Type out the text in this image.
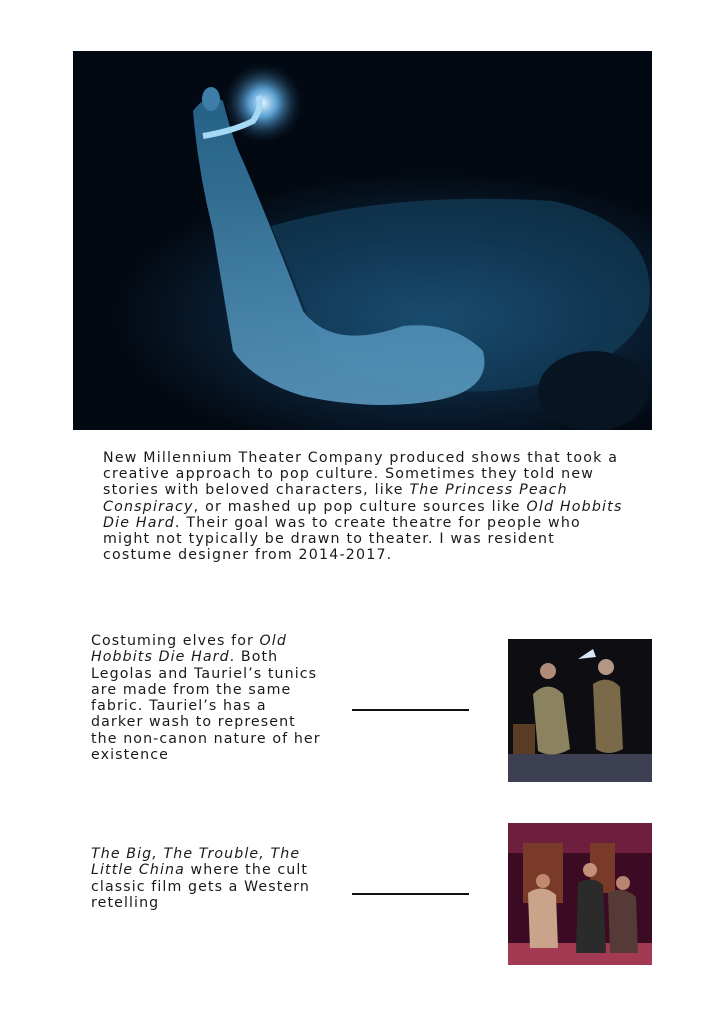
New Millennium Theater Company produced shows that took a creative approach to pop culture. Sometimes they told new stories with beloved characters, like The Princess Peach Conspiracy, or mashed up pop culture sources like Old Hobbits Die Hard. Their goal was to create theatre for people who might not typically be drawn to theater. I was resident costume designer from 2014-2017.

Costuming elves for Old Hobbits Die Hard. Both Legolas and Tauriel’s tunics are made from the same fabric. Tauriel’s has a darker wash to represent the non-canon nature of her existence

The Big, The Trouble, The Little China where the cult classic film gets a Western retelling
